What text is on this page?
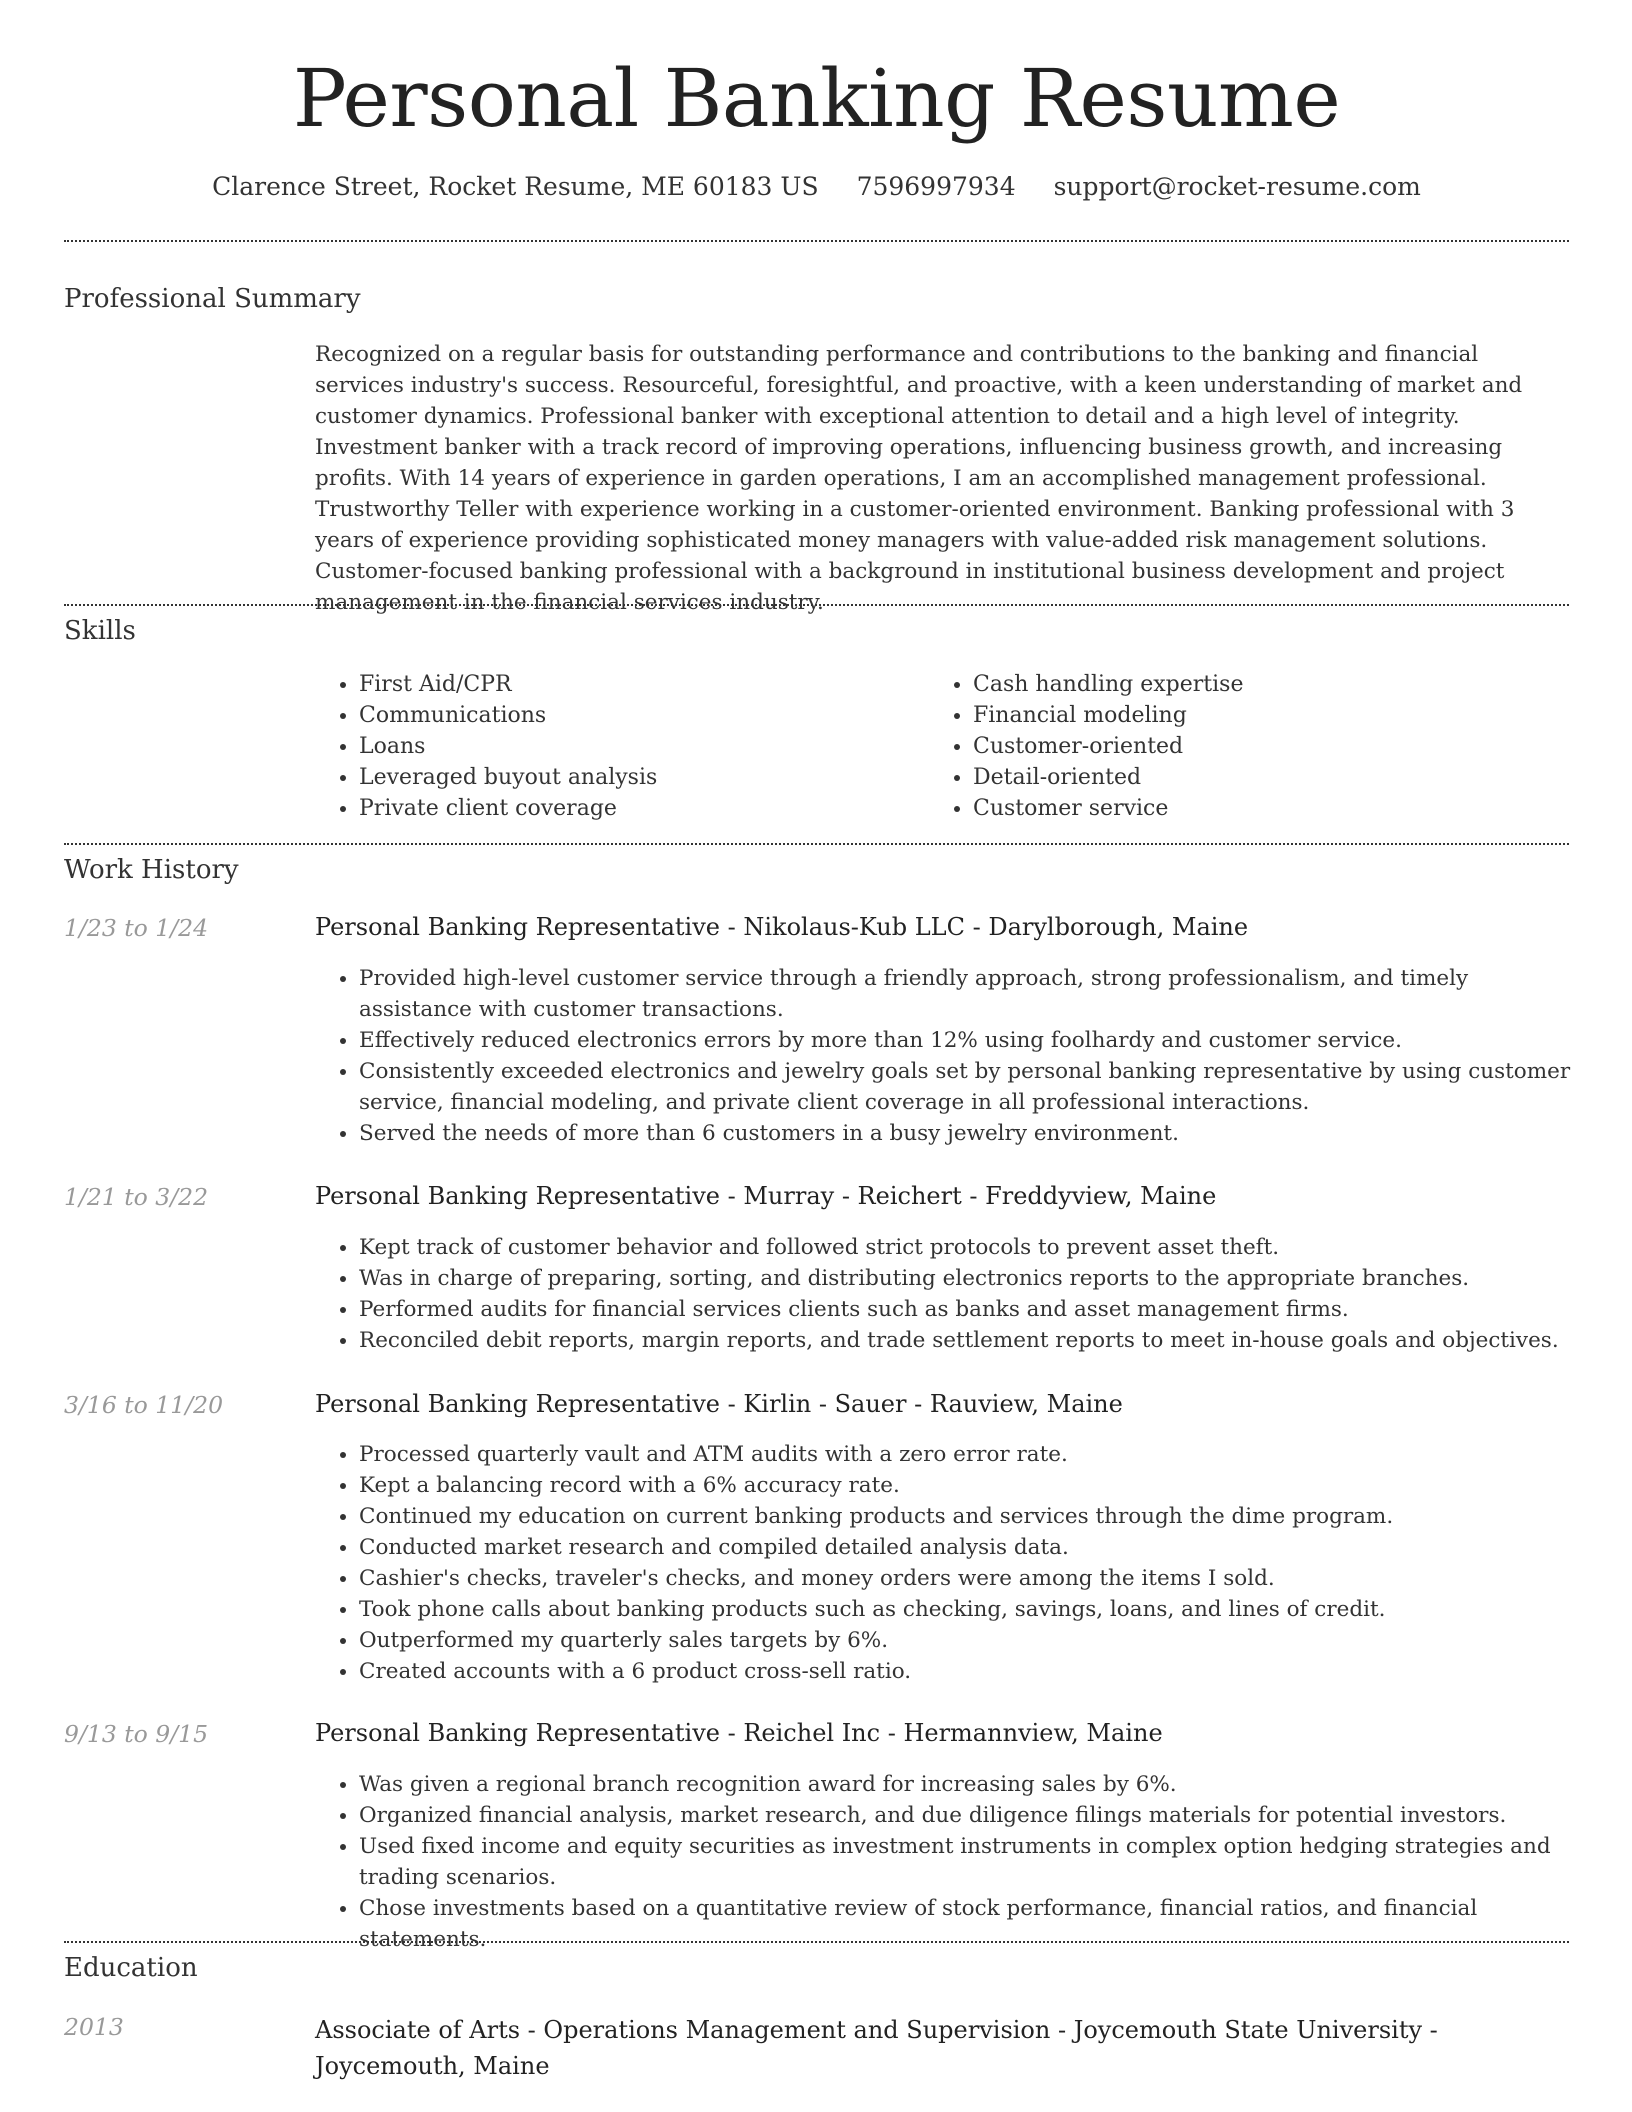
Personal Banking Resume
Clarence Street, Rocket Resume, ME 60183 US 7596997934 support@rocket-resume.com
Professional Summary
Recognized on a regular basis for outstanding performance and contributions to the banking and financial services industry's success. Resourceful, foresightful, and proactive, with a keen understanding of market and customer dynamics. Professional banker with exceptional attention to detail and a high level of integrity. Investment banker with a track record of improving operations, influencing business growth, and increasing profits. With 14 years of experience in garden operations, I am an accomplished management professional. Trustworthy Teller with experience working in a customer-oriented environment. Banking professional with 3 years of experience providing sophisticated money managers with value-added risk management solutions. Customer-focused banking professional with a background in institutional business development and project management in the financial services industry.
Skills
• First Aid/CPR
• Communications
• Loans
• Leveraged buyout analysis
• Private client coverage
• Cash handling expertise
• Financial modeling
• Customer-oriented
• Detail-oriented
• Customer service
Work History
1/23 to 1/24	Personal Banking Representative - Nikolaus-Kub LLC - Darylborough, Maine
• Provided high-level customer service through a friendly approach, strong professionalism, and timely assistance with customer transactions.
• Effectively reduced electronics errors by more than 12% using foolhardy and customer service.
• Consistently exceeded electronics and jewelry goals set by personal banking representative by using customer service, financial modeling, and private client coverage in all professional interactions.
• Served the needs of more than 6 customers in a busy jewelry environment.
1/21 to 3/22	Personal Banking Representative - Murray - Reichert - Freddyview, Maine
• Kept track of customer behavior and followed strict protocols to prevent asset theft.
• Was in charge of preparing, sorting, and distributing electronics reports to the appropriate branches.
• Performed audits for financial services clients such as banks and asset management firms.
• Reconciled debit reports, margin reports, and trade settlement reports to meet in-house goals and objectives.
3/16 to 11/20	Personal Banking Representative - Kirlin - Sauer - Rauview, Maine
• Processed quarterly vault and ATM audits with a zero error rate.
• Kept a balancing record with a 6% accuracy rate.
• Continued my education on current banking products and services through the dime program.
• Conducted market research and compiled detailed analysis data.
• Cashier's checks, traveler's checks, and money orders were among the items I sold.
• Took phone calls about banking products such as checking, savings, loans, and lines of credit.
• Outperformed my quarterly sales targets by 6%.
• Created accounts with a 6 product cross-sell ratio.
9/13 to 9/15	Personal Banking Representative - Reichel Inc - Hermannview, Maine
• Was given a regional branch recognition award for increasing sales by 6%.
• Organized financial analysis, market research, and due diligence filings materials for potential investors.
• Used fixed income and equity securities as investment instruments in complex option hedging strategies and trading scenarios.
• Chose investments based on a quantitative review of stock performance, financial ratios, and financial statements.
Education
2013	Associate of Arts - Operations Management and Supervision - Joycemouth State University - Joycemouth, Maine
